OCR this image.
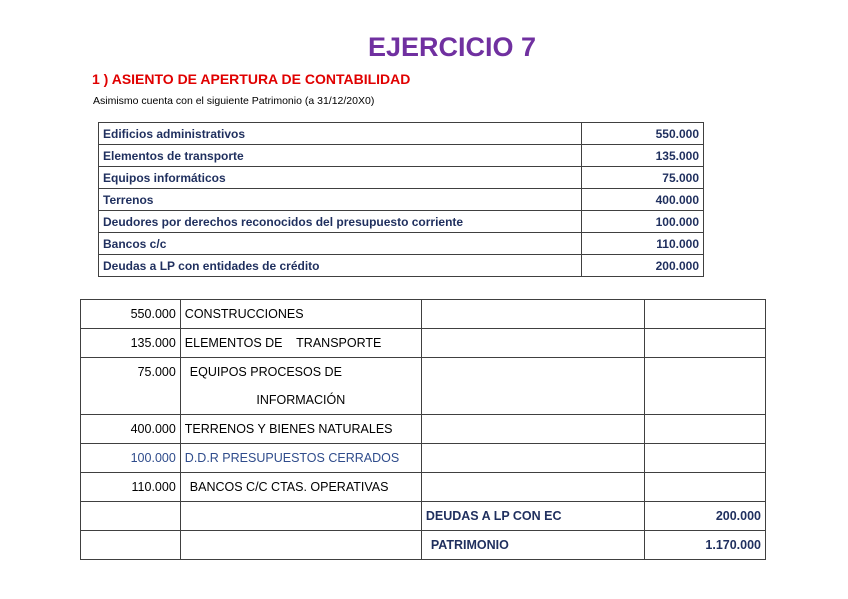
EJERCICIO 7
1 ) ASIENTO DE APERTURA DE CONTABILIDAD
Asimismo cuenta con el siguiente Patrimonio (a 31/12/20X0)
Edificios administrativos	550.000
Elementos de transporte	135.000
Equipos informáticos	75.000
Terrenos	400.000
Deudores por derechos reconocidos del presupuesto corriente	100.000
Bancos c/c	110.000
Deudas a LP con entidades de crédito	200.000
550.000	CONSTRUCCIONES		
135.000	ELEMENTOS DE    TRANSPORTE		
75.000	EQUIPOS PROCESOS DE		
	INFORMACIÓN		
400.000	TERRENOS Y BIENES NATURALES		
100.000	D.D.R PRESUPUESTOS CERRADOS		
110.000	BANCOS C/C CTAS. OPERATIVAS		
		DEUDAS A LP CON EC	200.000
		PATRIMONIO	1.170.000
